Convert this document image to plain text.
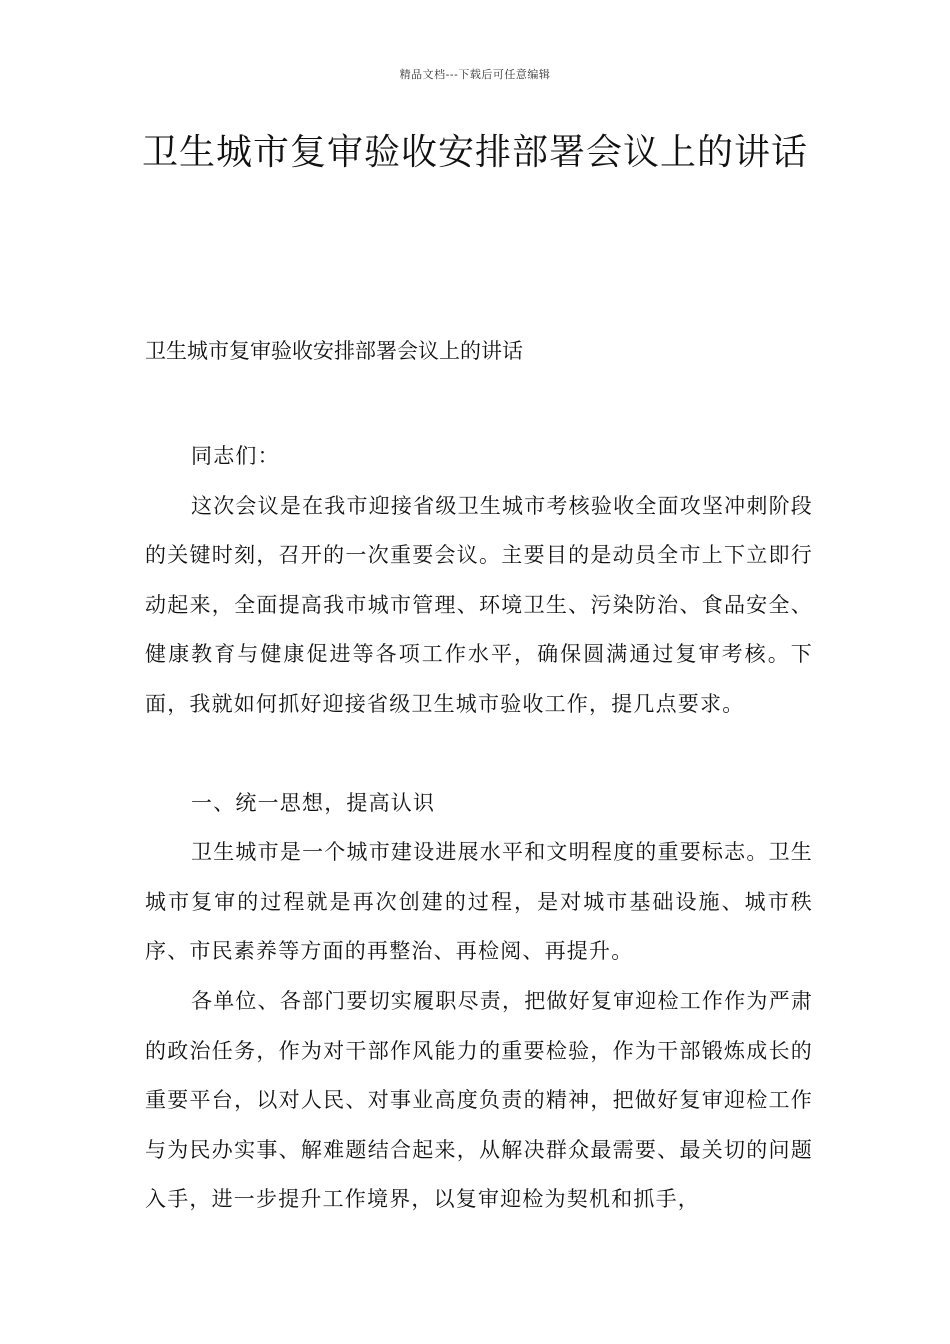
精品文档---下载后可任意编辑
卫生城市复审验收安排部署会议上的讲话

卫生城市复审验收安排部署会议上的讲话

同志们：

这次会议是在我市迎接省级卫生城市考核验收全面攻坚冲刺阶段的关键时刻，召开的一次重要会议。主要目的是动员全市上下立即行动起来，全面提高我市城市管理、环境卫生、污染防治、食品安全、健康教育与健康促进等各项工作水平，确保圆满通过复审考核。下面，我就如何抓好迎接省级卫生城市验收工作，提几点要求。

一、统一思想，提高认识

卫生城市是一个城市建设进展水平和文明程度的重要标志。卫生城市复审的过程就是再次创建的过程，是对城市基础设施、城市秩序、市民素养等方面的再整治、再检阅、再提升。

各单位、各部门要切实履职尽责，把做好复审迎检工作作为严肃的政治任务，作为对干部作风能力的重要检验，作为干部锻炼成长的重要平台，以对人民、对事业高度负责的精神，把做好复审迎检工作与为民办实事、解难题结合起来，从解决群众最需要、最关切的问题入手，进一步提升工作境界，以复审迎检为契机和抓手，
